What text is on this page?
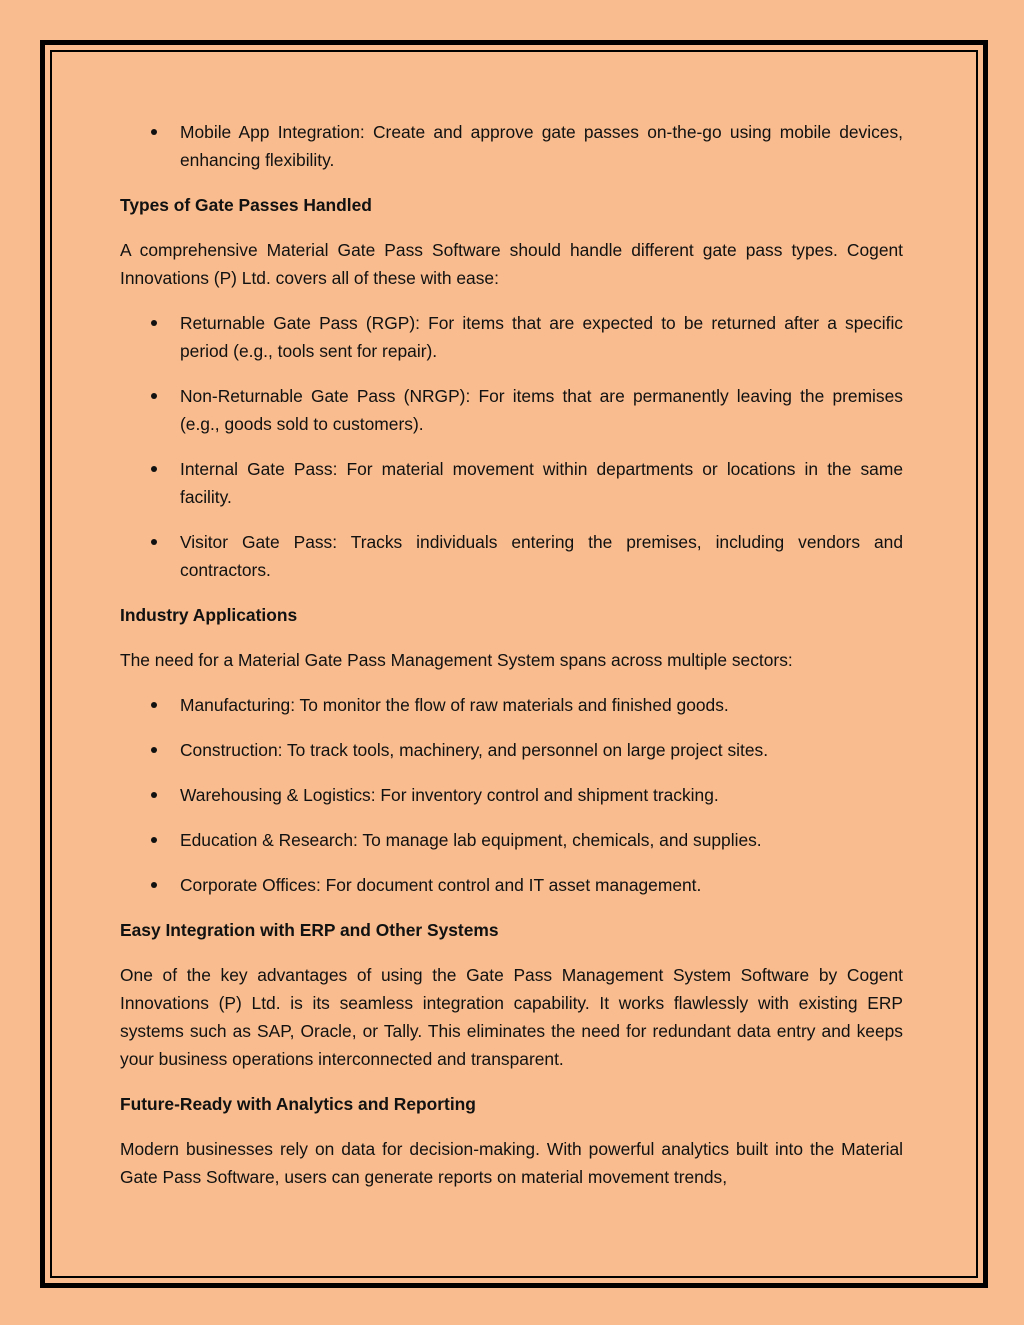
Mobile App Integration: Create and approve gate passes on-the-go using mobile devices, enhancing flexibility.
Types of Gate Passes Handled
A comprehensive Material Gate Pass Software should handle different gate pass types. Cogent Innovations (P) Ltd. covers all of these with ease:
Returnable Gate Pass (RGP): For items that are expected to be returned after a specific period (e.g., tools sent for repair).
Non-Returnable Gate Pass (NRGP): For items that are permanently leaving the premises (e.g., goods sold to customers).
Internal Gate Pass: For material movement within departments or locations in the same facility.
Visitor Gate Pass: Tracks individuals entering the premises, including vendors and contractors.
Industry Applications
The need for a Material Gate Pass Management System spans across multiple sectors:
Manufacturing: To monitor the flow of raw materials and finished goods.
Construction: To track tools, machinery, and personnel on large project sites.
Warehousing & Logistics: For inventory control and shipment tracking.
Education & Research: To manage lab equipment, chemicals, and supplies.
Corporate Offices: For document control and IT asset management.
Easy Integration with ERP and Other Systems
One of the key advantages of using the Gate Pass Management System Software by Cogent Innovations (P) Ltd. is its seamless integration capability. It works flawlessly with existing ERP systems such as SAP, Oracle, or Tally. This eliminates the need for redundant data entry and keeps your business operations interconnected and transparent.
Future-Ready with Analytics and Reporting
Modern businesses rely on data for decision-making. With powerful analytics built into the Material Gate Pass Software, users can generate reports on material movement trends,
